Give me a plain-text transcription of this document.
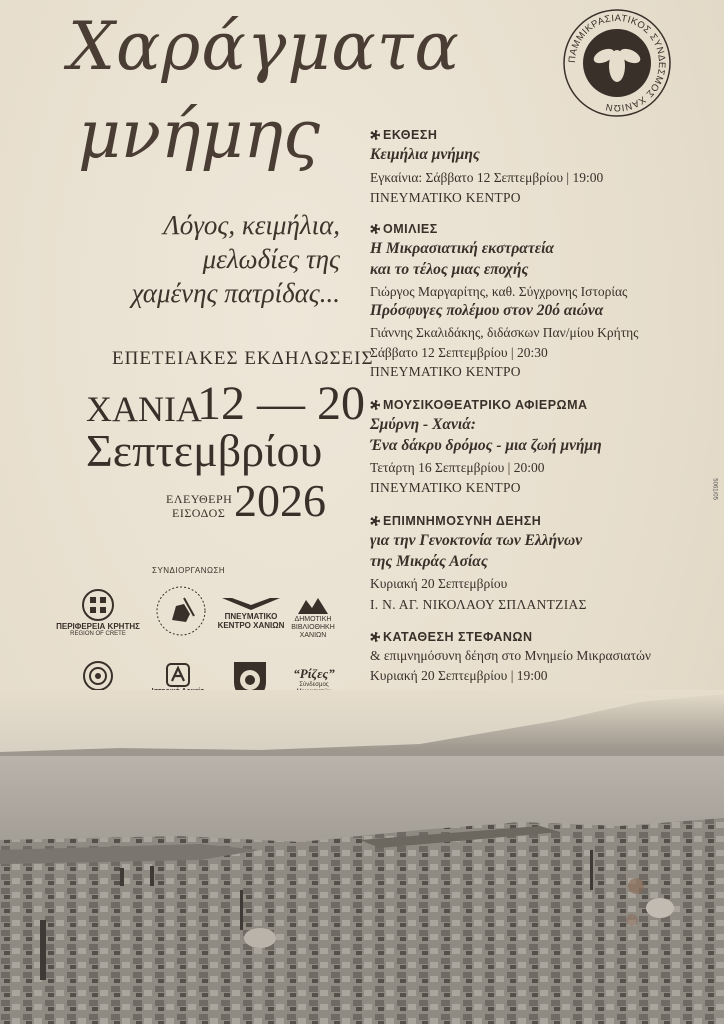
Χαράγματα
μνήμης
ΠΑΜΜΙΚΡΑΣΙΑΤΙΚΟΣ ΣΥΝΔΕΣΜΟΣ ΧΑΝΙΩΝ
Λόγος, κειμήλια,
μελωδίες της
χαμένης πατρίδας...
ΕΠΕΤΕΙΑΚΕΣ ΕΚΔΗΛΩΣΕΙΣ
ΧΑΝΙΑ
12 — 20
Σεπτεμβρίου
ΕΛΕΥΘΕΡΗ
ΕΙΣΟΔΟΣ 2026
ΣΥΝΔΙΟΡΓΑΝΩΣΗ
ΠΕΡΙΦΕΡΕΙΑ ΚΡΗΤΗΣ
REGION OF CRETE
ΠΝΕΥΜΑΤΙΚΟ ΚΕΝΤΡΟ ΧΑΝΙΩΝ
ΔΗΜΟΤΙΚΗ ΒΙΒΛΙΟΘΗΚΗ ΧΑΝΙΩΝ
“Ρίζες”
Σύνδεσμος
ΕΚΘΕΣΗ
Κειμήλια μνήμης
Εγκαίνια: Σάββατο 12 Σεπτεμβρίου | 19:00
ΠΝΕΥΜΑΤΙΚΟ ΚΕΝΤΡΟ
ΟΜΙΛΙΕΣ
Η Μικρασιατική εκστρατεία
και το τέλος μιας εποχής
Γιώργος Μαργαρίτης, καθ. Σύγχρονης Ιστορίας
Πρόσφυγες πολέμου στον 20ό αιώνα
Γιάννης Σκαλιδάκης, διδάσκων Παν/μίου Κρήτης
Σάββατο 12 Σεπτεμβρίου | 20:30
ΠΝΕΥΜΑΤΙΚΟ ΚΕΝΤΡΟ
ΜΟΥΣΙΚΟΘΕΑΤΡΙΚΟ ΑΦΙΕΡΩΜΑ
Σμύρνη - Χανιά:
Ένα δάκρυ δρόμος - μια ζωή μνήμη
Τετάρτη 16 Σεπτεμβρίου | 20:00
ΠΝΕΥΜΑΤΙΚΟ ΚΕΝΤΡΟ
ΕΠΙΜΝΗΜΟΣΥΝΗ ΔΕΗΣΗ
για την Γενοκτονία των Ελλήνων
της Μικράς Ασίας
Κυριακή 20 Σεπτεμβρίου
Ι. Ν. ΑΓ. ΝΙΚΟΛΑΟΥ ΣΠΛΑΝΤΖΙΑΣ
ΚΑΤΑΘΕΣΗ ΣΤΕΦΑΝΩΝ
& επιμνημόσυνη δέηση στο Μνημείο Μικρασιατών
Κυριακή 20 Σεπτεμβρίου | 19:00
5061/05
